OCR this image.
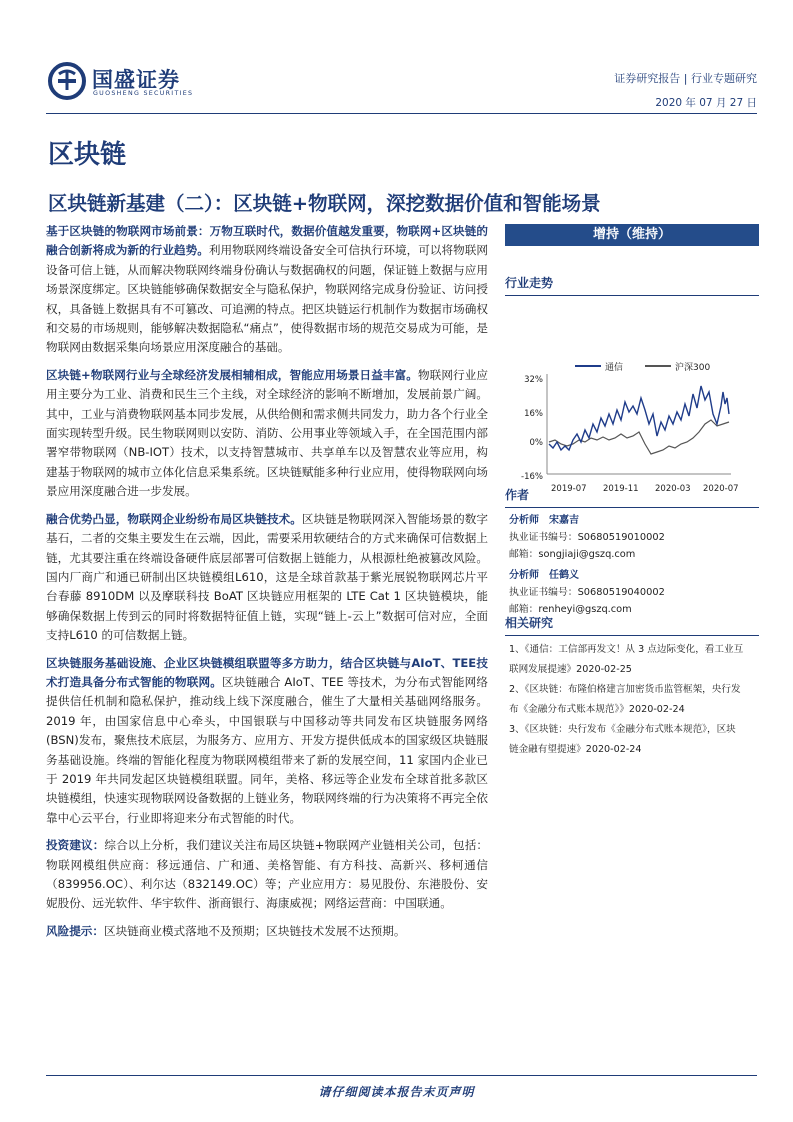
国盛证券
GUOSHENG SECURITIES
证券研究报告 | 行业专题研究
2020 年 07 月 27 日
区块链
区块链新基建（二）：区块链+物联网，深挖数据价值和智能场景

基于区块链的物联网市场前景：万物互联时代，数据价值越发重要，物联网+区块链的融合创新将成为新的行业趋势。利用物联网终端设备安全可信执行环境，可以将物联网设备可信上链，从而解决物联网终端身份确认与数据确权的问题，保证链上数据与应用场景深度绑定。区块链能够确保数据安全与隐私保护，物联网络完成身份验证、访问授权，具备链上数据具有不可篡改、可追溯的特点。把区块链运行机制作为数据市场确权和交易的市场规则，能够解决数据隐私“痛点”，使得数据市场的规范交易成为可能，是物联网由数据采集向场景应用深度融合的基础。

区块链+物联网行业与全球经济发展相辅相成，智能应用场景日益丰富。物联网行业应用主要分为工业、消费和民生三个主线，对全球经济的影响不断增加，发展前景广阔。其中，工业与消费物联网基本同步发展，从供给侧和需求侧共同发力，助力各个行业全面实现转型升级。民生物联网则以安防、消防、公用事业等领域入手，在全国范围内部署窄带物联网（NB-IOT）技术，以支持智慧城市、共享单车以及智慧农业等应用，构建基于物联网的城市立体化信息采集系统。区块链赋能多种行业应用，使得物联网向场景应用深度融合进一步发展。

融合优势凸显，物联网企业纷纷布局区块链技术。区块链是物联网深入智能场景的数字基石，二者的交集主要发生在云端，因此，需要采用软硬结合的方式来确保可信数据上链，尤其要注重在终端设备硬件底层部署可信数据上链能力，从根源杜绝被篡改风险。国内厂商广和通已研制出区块链模组L610，这是全球首款基于紫光展锐物联网芯片平台春藤 8910DM 以及摩联科技 BoAT 区块链应用框架的 LTE Cat 1 区块链模块，能够确保数据上传到云的同时将数据特征值上链，实现“链上-云上”数据可信对应，全面支持L610 的可信数据上链。

区块链服务基础设施、企业区块链模组联盟等多方助力，结合区块链与AIoT、TEE技术打造具备分布式智能的物联网。区块链融合 AIoT、TEE 等技术，为分布式智能网络提供信任机制和隐私保护，推动线上线下深度融合，催生了大量相关基础网络服务。2019 年，由国家信息中心牵头，中国银联与中国移动等共同发布区块链服务网络(BSN)发布，聚焦技术底层，为服务方、应用方、开发方提供低成本的国家级区块链服务基础设施。终端的智能化程度为物联网模组带来了新的发展空间，11 家国内企业已于 2019 年共同发起区块链模组联盟。同年，美格、移远等企业发布全球首批多款区块链模组，快速实现物联网设备数据的上链业务，物联网终端的行为决策将不再完全依靠中心云平台，行业即将迎来分布式智能的时代。

投资建议：综合以上分析，我们建议关注布局区块链+物联网产业链相关公司，包括：物联网模组供应商：移远通信、广和通、美格智能、有方科技、高新兴、移柯通信（839956.OC）、利尔达（832149.OC）等；产业应用方：易见股份、东港股份、安妮股份、远光软件、华宇软件、浙商银行、海康威视；网络运营商：中国联通。

风险提示：区块链商业模式落地不及预期；区块链技术发展不达预期。

增持（维持）
行业走势
通信	沪深300
32%
16%
0%
-16%
2019-07 2019-11 2020-03 2020-07
作者
分析师　宋嘉吉
执业证书编号：S0680519010002
邮箱：songjiaji@gszq.com
分析师　任鹤义
执业证书编号：S0680519040002
邮箱：renheyi@gszq.com
相关研究
1、《通信：工信部再发文！从 3 点边际变化，看工业互
联网发展提速》2020-02-25
2、《区块链：布隆伯格建言加密货币监管框架，央行发
布《金融分布式账本规范》》2020-02-24
3、《区块链：央行发布《金融分布式账本规范》，区块
链金融有望提速》2020-02-24
请仔细阅读本报告末页声明
